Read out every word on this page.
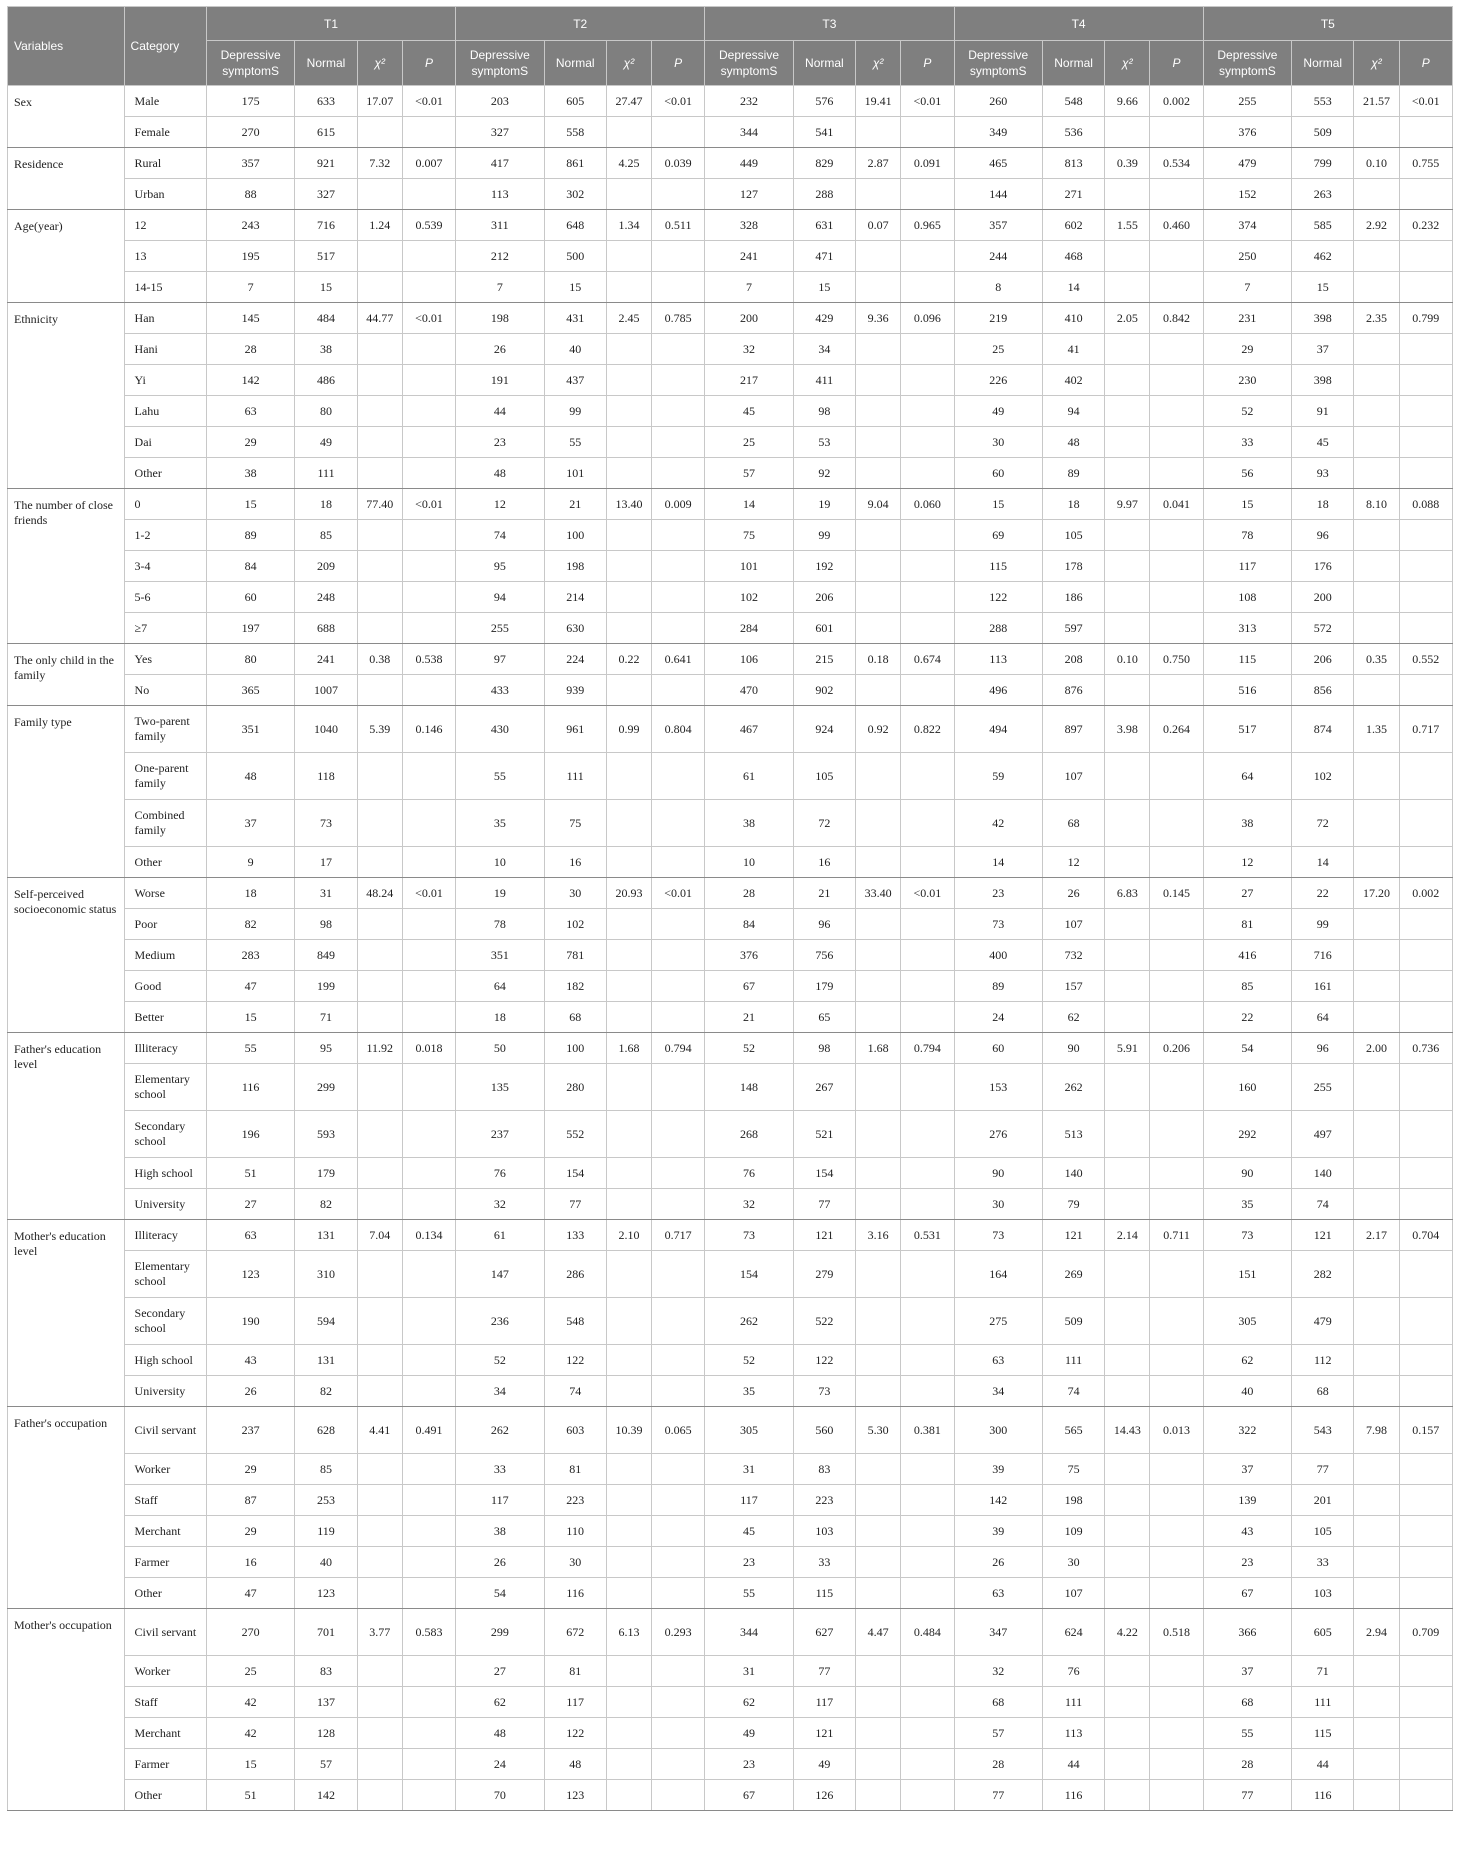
Variables	Category	T1				T2				T3				T4				T5			
		Depressive symptomS	Normal	χ²	P	Depressive symptomS	Normal	χ²	P	Depressive symptomS	Normal	χ²	P	Depressive symptomS	Normal	χ²	P	Depressive symptomS	Normal	χ²	P
Sex	Male	175	633	17.07	<0.01	203	605	27.47	<0.01	232	576	19.41	<0.01	260	548	9.66	0.002	255	553	21.57	<0.01
	Female	270	615			327	558			344	541			349	536			376	509		
Residence	Rural	357	921	7.32	0.007	417	861	4.25	0.039	449	829	2.87	0.091	465	813	0.39	0.534	479	799	0.10	0.755
	Urban	88	327			113	302			127	288			144	271			152	263		
Age(year)	12	243	716	1.24	0.539	311	648	1.34	0.511	328	631	0.07	0.965	357	602	1.55	0.460	374	585	2.92	0.232
	13	195	517			212	500			241	471			244	468			250	462		
	14-15	7	15			7	15			7	15			8	14			7	15		
Ethnicity	Han	145	484	44.77	<0.01	198	431	2.45	0.785	200	429	9.36	0.096	219	410	2.05	0.842	231	398	2.35	0.799
	Hani	28	38			26	40			32	34			25	41			29	37		
	Yi	142	486			191	437			217	411			226	402			230	398		
	Lahu	63	80			44	99			45	98			49	94			52	91		
	Dai	29	49			23	55			25	53			30	48			33	45		
	Other	38	111			48	101			57	92			60	89			56	93		
The number of close friends	0	15	18	77.40	<0.01	12	21	13.40	0.009	14	19	9.04	0.060	15	18	9.97	0.041	15	18	8.10	0.088
	1-2	89	85			74	100			75	99			69	105			78	96		
	3-4	84	209			95	198			101	192			115	178			117	176		
	5-6	60	248			94	214			102	206			122	186			108	200		
	≥7	197	688			255	630			284	601			288	597			313	572		
The only child in the family	Yes	80	241	0.38	0.538	97	224	0.22	0.641	106	215	0.18	0.674	113	208	0.10	0.750	115	206	0.35	0.552
	No	365	1007			433	939			470	902			496	876			516	856		
Family type	Two-parent family	351	1040	5.39	0.146	430	961	0.99	0.804	467	924	0.92	0.822	494	897	3.98	0.264	517	874	1.35	0.717
	One-parent family	48	118			55	111			61	105			59	107			64	102		
	Combined family	37	73			35	75			38	72			42	68			38	72		
	Other	9	17			10	16			10	16			14	12			12	14		
Self-perceived socioeconomic status	Worse	18	31	48.24	<0.01	19	30	20.93	<0.01	28	21	33.40	<0.01	23	26	6.83	0.145	27	22	17.20	0.002
	Poor	82	98			78	102			84	96			73	107			81	99		
	Medium	283	849			351	781			376	756			400	732			416	716		
	Good	47	199			64	182			67	179			89	157			85	161		
	Better	15	71			18	68			21	65			24	62			22	64		
Father's education level	Illiteracy	55	95	11.92	0.018	50	100	1.68	0.794	52	98	1.68	0.794	60	90	5.91	0.206	54	96	2.00	0.736
	Elementary school	116	299			135	280			148	267			153	262			160	255		
	Secondary school	196	593			237	552			268	521			276	513			292	497		
	High school	51	179			76	154			76	154			90	140			90	140		
	University	27	82			32	77			32	77			30	79			35	74		
Mother's education level	Illiteracy	63	131	7.04	0.134	61	133	2.10	0.717	73	121	3.16	0.531	73	121	2.14	0.711	73	121	2.17	0.704
	Elementary school	123	310			147	286			154	279			164	269			151	282		
	Secondary school	190	594			236	548			262	522			275	509			305	479		
	High school	43	131			52	122			52	122			63	111			62	112		
	University	26	82			34	74			35	73			34	74			40	68		
Father's occupation	Civil servant	237	628	4.41	0.491	262	603	10.39	0.065	305	560	5.30	0.381	300	565	14.43	0.013	322	543	7.98	0.157
	Worker	29	85			33	81			31	83			39	75			37	77		
	Staff	87	253			117	223			117	223			142	198			139	201		
	Merchant	29	119			38	110			45	103			39	109			43	105		
	Farmer	16	40			26	30			23	33			26	30			23	33		
	Other	47	123			54	116			55	115			63	107			67	103		
Mother's occupation	Civil servant	270	701	3.77	0.583	299	672	6.13	0.293	344	627	4.47	0.484	347	624	4.22	0.518	366	605	2.94	0.709
	Worker	25	83			27	81			31	77			32	76			37	71		
	Staff	42	137			62	117			62	117			68	111			68	111		
	Merchant	42	128			48	122			49	121			57	113			55	115		
	Farmer	15	57			24	48			23	49			28	44			28	44		
	Other	51	142			70	123			67	126			77	116			77	116		
